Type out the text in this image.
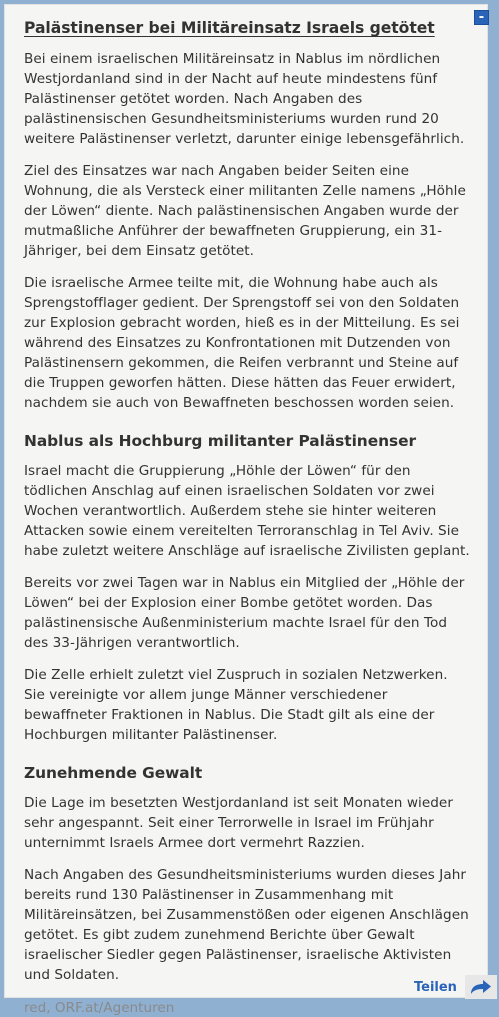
-
Palästinenser bei Militäreinsatz Israels getötet

Bei einem israelischen Militäreinsatz in Nablus im nördlichen Westjordanland sind in der Nacht auf heute mindestens fünf Palästinenser getötet worden. Nach Angaben des palästinensischen Gesundheitsministeriums wurden rund 20 weitere Palästinenser verletzt, darunter einige lebensgefährlich.

Ziel des Einsatzes war nach Angaben beider Seiten eine Wohnung, die als Versteck einer militanten Zelle namens „Höhle der Löwen“ diente. Nach palästinensischen Angaben wurde der mutmaßliche Anführer der bewaffneten Gruppierung, ein 31-Jähriger, bei dem Einsatz getötet.

Die israelische Armee teilte mit, die Wohnung habe auch als Sprengstofflager gedient. Der Sprengstoff sei von den Soldaten zur Explosion gebracht worden, hieß es in der Mitteilung. Es sei während des Einsatzes zu Konfrontationen mit Dutzenden von Palästinensern gekommen, die Reifen verbrannt und Steine auf die Truppen geworfen hätten. Diese hätten das Feuer erwidert, nachdem sie auch von Bewaffneten beschossen worden seien.

Nablus als Hochburg militanter Palästinenser

Israel macht die Gruppierung „Höhle der Löwen“ für den tödlichen Anschlag auf einen israelischen Soldaten vor zwei Wochen verantwortlich. Außerdem stehe sie hinter weiteren Attacken sowie einem vereitelten Terroranschlag in Tel Aviv. Sie habe zuletzt weitere Anschläge auf israelische Zivilisten geplant.

Bereits vor zwei Tagen war in Nablus ein Mitglied der „Höhle der Löwen“ bei der Explosion einer Bombe getötet worden. Das palästinensische Außenministerium machte Israel für den Tod des 33-Jährigen verantwortlich.

Die Zelle erhielt zuletzt viel Zuspruch in sozialen Netzwerken. Sie vereinigte vor allem junge Männer verschiedener bewaffneter Fraktionen in Nablus. Die Stadt gilt als eine der Hochburgen militanter Palästinenser.

Zunehmende Gewalt

Die Lage im besetzten Westjordanland ist seit Monaten wieder sehr angespannt. Seit einer Terrorwelle in Israel im Frühjahr unternimmt Israels Armee dort vermehrt Razzien.

Nach Angaben des Gesundheitsministeriums wurden dieses Jahr bereits rund 130 Palästinenser in Zusammenhang mit Militäreinsätzen, bei Zusammenstößen oder eigenen Anschlägen getötet. Es gibt zudem zunehmend Berichte über Gewalt israelischer Siedler gegen Palästinenser, israelische Aktivisten und Soldaten.

red, ORF.at/Agenturen
Teilen
